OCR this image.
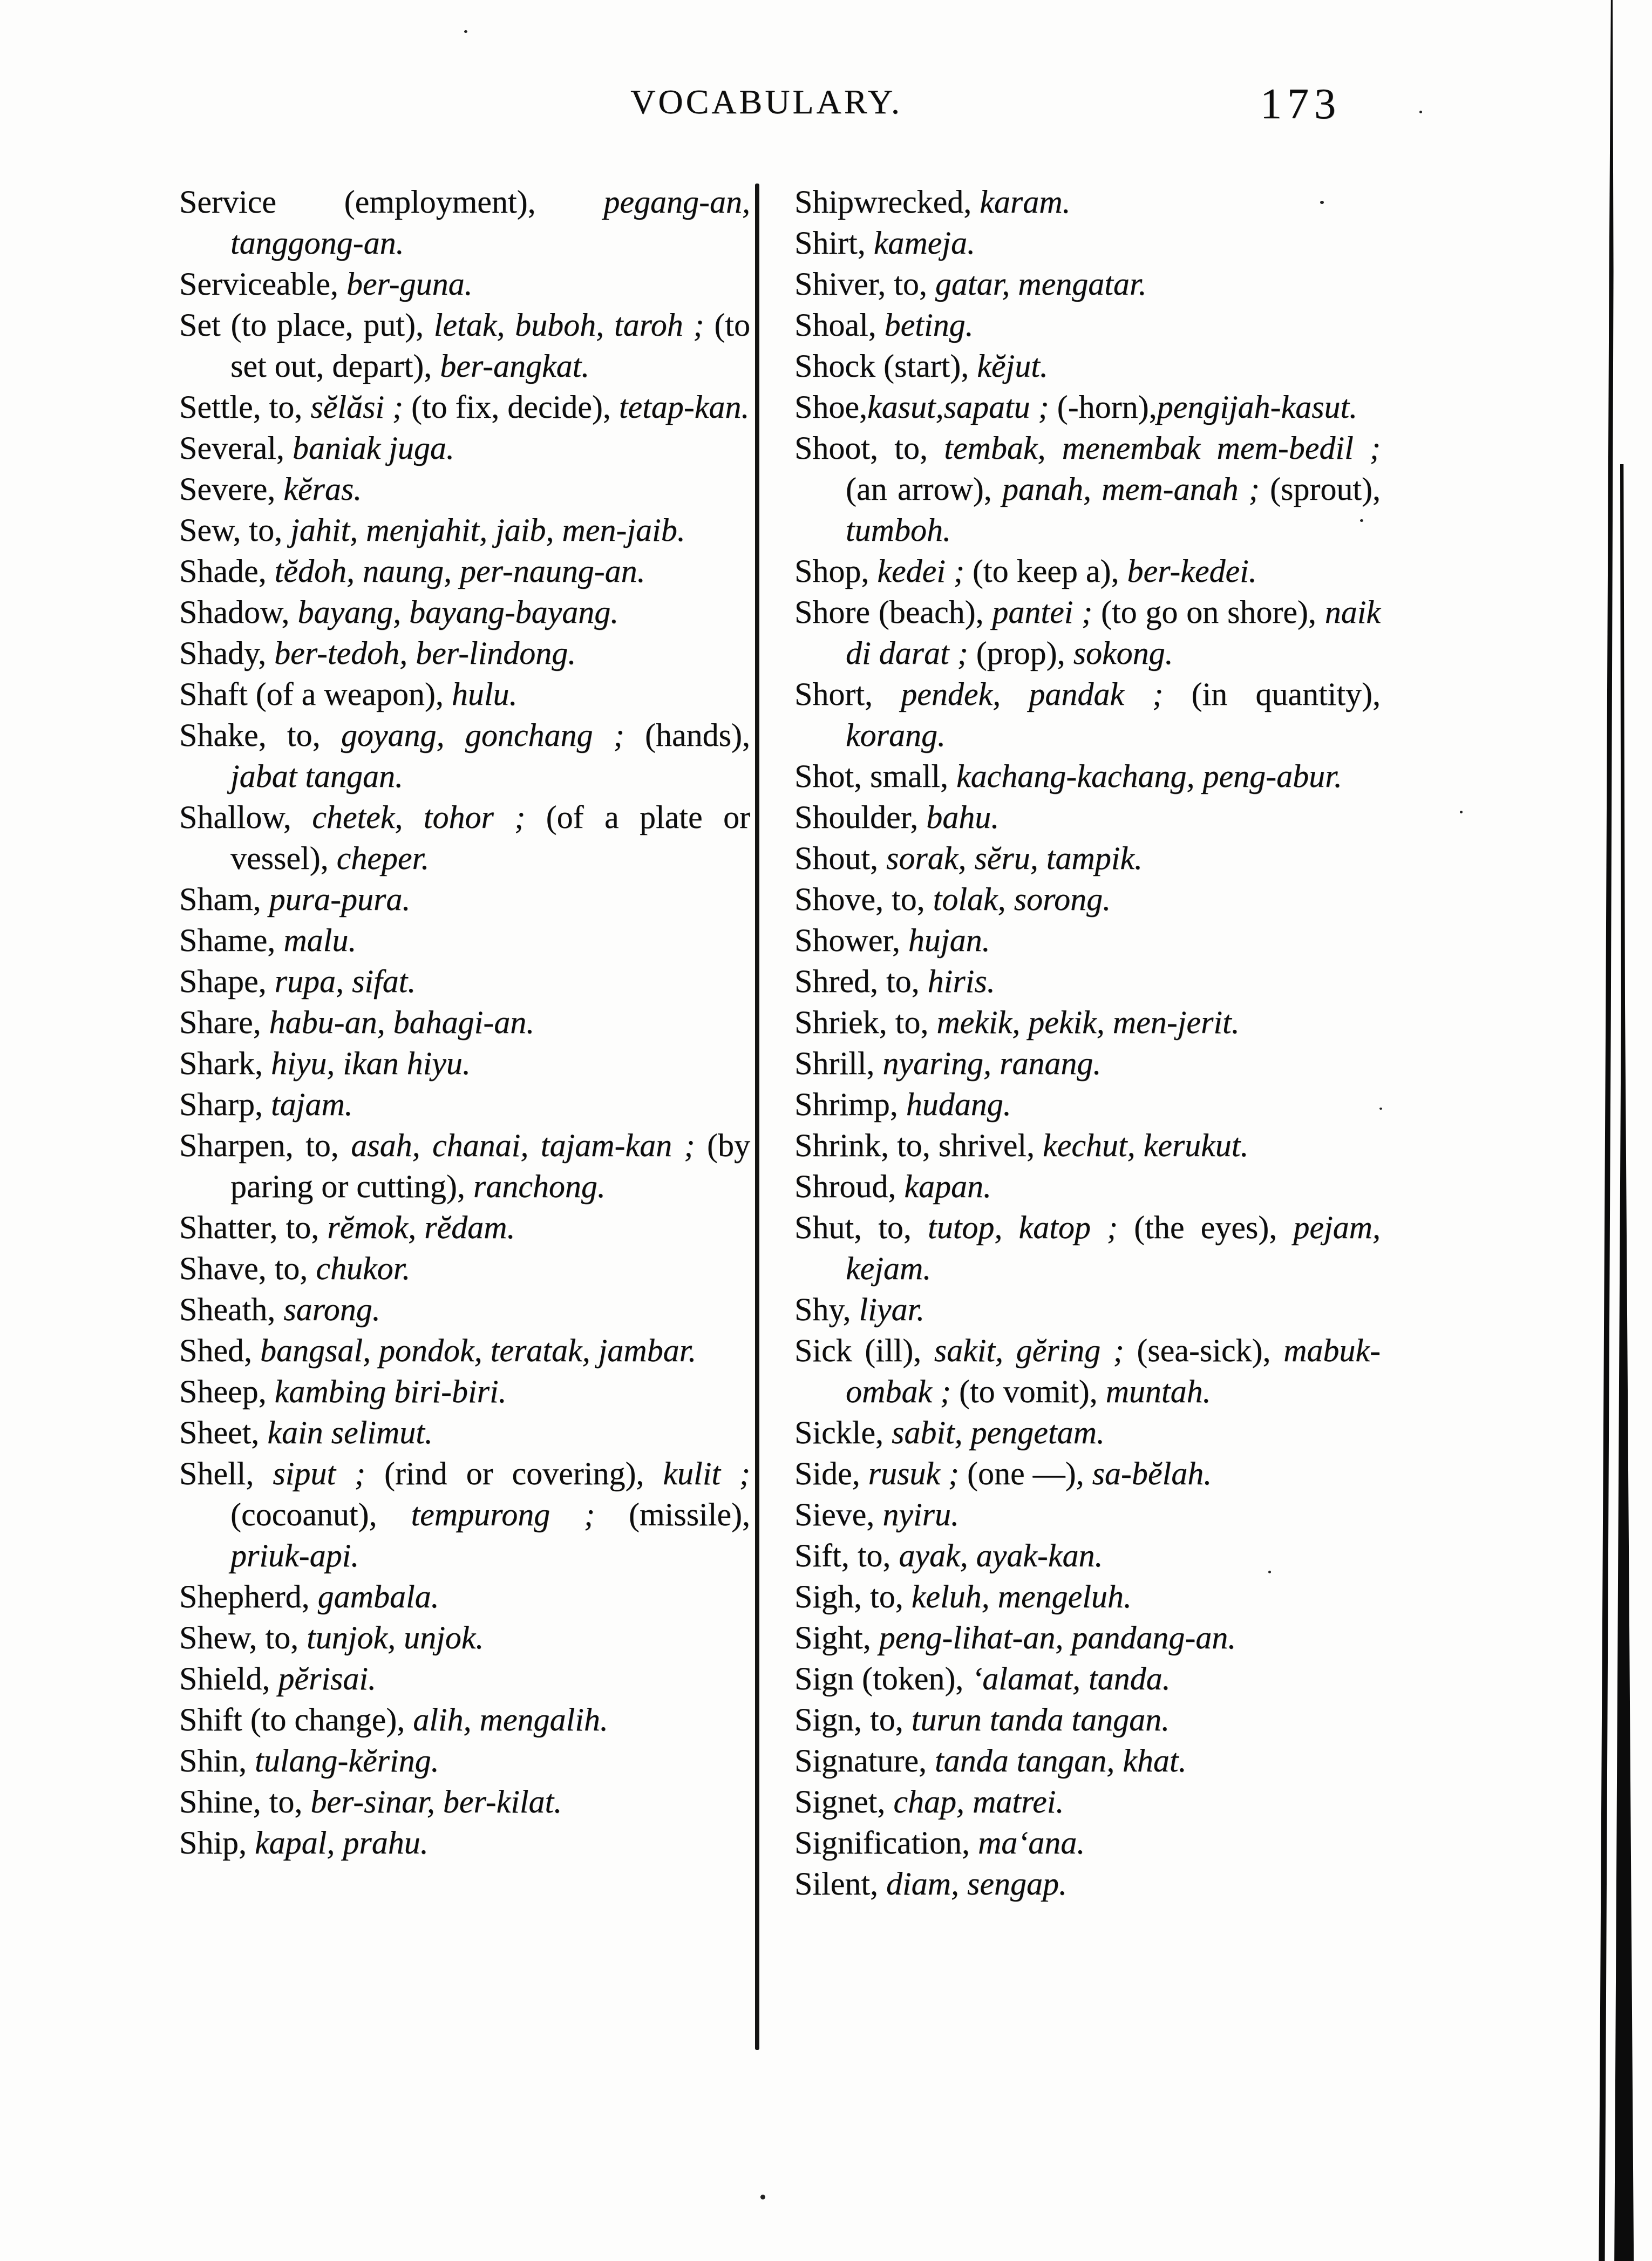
VOCABULARY.	173

Service (employment), pegang-an, tanggong-an.

Serviceable, ber-guna.

Set (to place, put), letak, buboh, taroh ; (to set out, depart), ber-angkat.

Settle, to, sĕlăsi ; (to fix, decide), tetap-kan.

Several, baniak juga.

Severe, kĕras.

Sew, to, jahit, menjahit, jaib, men-jaib.

Shade, tĕdoh, naung, per-naung-an.

Shadow, bayang, bayang-bayang.

Shady, ber-tedoh, ber-lindong.

Shaft (of a weapon), hulu.

Shake, to, goyang, gonchang ; (hands), jabat tangan.

Shallow, chetek, tohor ; (of a plate or vessel), cheper.

Sham, pura-pura.

Shame, malu.

Shape, rupa, sifat.

Share, habu-an, bahagi-an.

Shark, hiyu, ikan hiyu.

Sharp, tajam.

Sharpen, to, asah, chanai, tajam-kan ; (by paring or cutting), ranchong.

Shatter, to, rĕmok, rĕdam.

Shave, to, chukor.

Sheath, sarong.

Shed, bangsal, pondok, teratak, jambar.

Sheep, kambing biri-biri.

Sheet, kain selimut.

Shell, siput ; (rind or covering), kulit ; (cocoanut), tempurong ; (missile), priuk-api.

Shepherd, gambala.

Shew, to, tunjok, unjok.

Shield, pĕrisai.

Shift (to change), alih, mengalih.

Shin, tulang-kĕring.

Shine, to, ber-sinar, ber-kilat.

Ship, kapal, prahu.

Shipwrecked, karam.

Shirt, kameja.

Shiver, to, gatar, mengatar.

Shoal, beting.

Shock (start), kĕjut.

Shoe,kasut,sapatu ; (-horn),pengijah-kasut.

Shoot, to, tembak, menembak mem-bedil ; (an arrow), panah, mem-anah ; (sprout), tumboh.

Shop, kedei ; (to keep a), ber-kedei.

Shore (beach), pantei ; (to go on shore), naik di darat ; (prop), sokong.

Short, pendek, pandak ; (in quantity), korang.

Shot, small, kachang-kachang, peng-abur.

Shoulder, bahu.

Shout, sorak, sĕru, tampik.

Shove, to, tolak, sorong.

Shower, hujan.

Shred, to, hiris.

Shriek, to, mekik, pekik, men-jerit.

Shrill, nyaring, ranang.

Shrimp, hudang.

Shrink, to, shrivel, kechut, kerukut.

Shroud, kapan.

Shut, to, tutop, katop ; (the eyes), pejam, kejam.

Shy, liyar.

Sick (ill), sakit, gĕring ; (sea-sick), mabuk-ombak ; (to vomit), muntah.

Sickle, sabit, pengetam.

Side, rusuk ; (one —), sa-bĕlah.

Sieve, nyiru.

Sift, to, ayak, ayak-kan.

Sigh, to, keluh, mengeluh.

Sight, peng-lihat-an, pandang-an.

Sign (token), ‘alamat, tanda.

Sign, to, turun tanda tangan.

Signature, tanda tangan, khat.

Signet, chap, matrei.

Signification, ma‘ana.

Silent, diam, sengap.
